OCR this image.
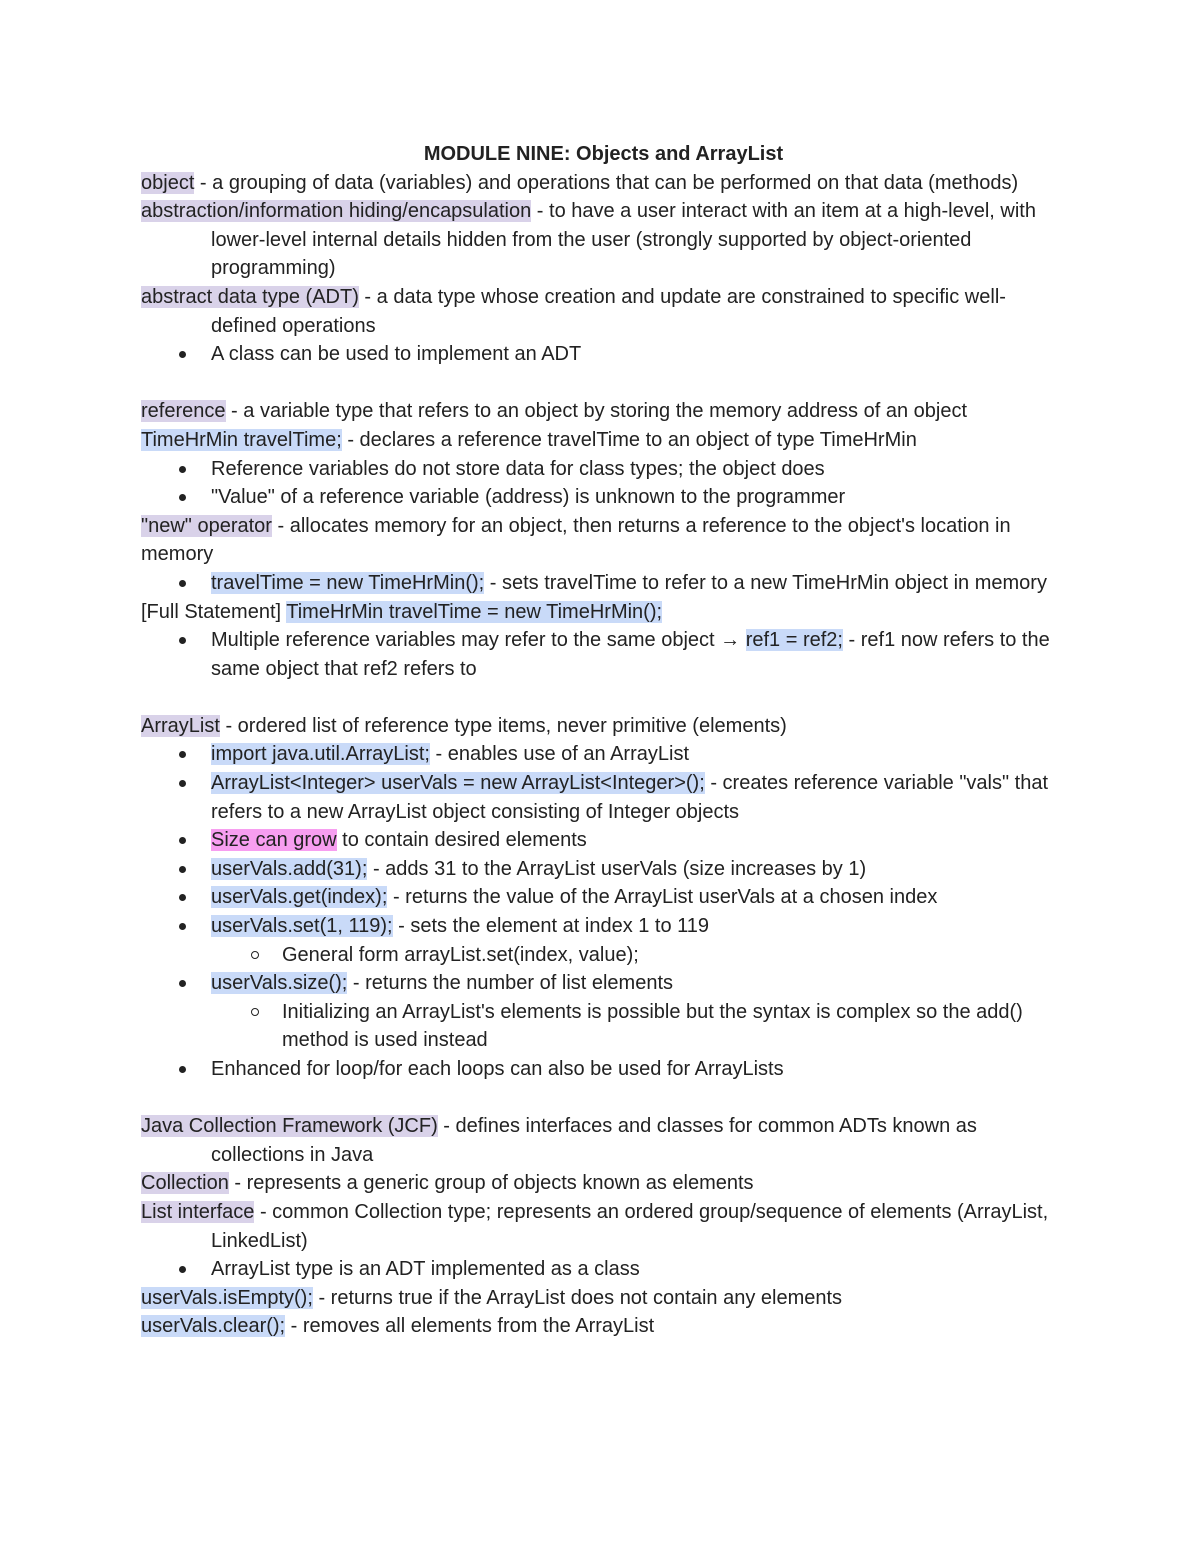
MODULE NINE: Objects and ArrayList

object - a grouping of data (variables) and operations that can be performed on that data (methods)

abstraction/information hiding/encapsulation - to have a user interact with an item at a high-level, with lower-level internal details hidden from the user (strongly supported by object-oriented programming)

abstract data type (ADT) - a data type whose creation and update are constrained to specific well-defined operations

A class can be used to implement an ADT

reference - a variable type that refers to an object by storing the memory address of an object

TimeHrMin travelTime; - declares a reference travelTime to an object of type TimeHrMin

Reference variables do not store data for class types; the object does
"Value" of a reference variable (address) is unknown to the programmer

"new" operator - allocates memory for an object, then returns a reference to the object's location in memory

travelTime = new TimeHrMin(); - sets travelTime to refer to a new TimeHrMin object in memory

[Full Statement] TimeHrMin travelTime = new TimeHrMin();

Multiple reference variables may refer to the same object → ref1 = ref2; - ref1 now refers to the same object that ref2 refers to

ArrayList - ordered list of reference type items, never primitive (elements)

import java.util.ArrayList; - enables use of an ArrayList
ArrayList<Integer> userVals = new ArrayList<Integer>(); - creates reference variable "vals" that refers to a new ArrayList object consisting of Integer objects
Size can grow to contain desired elements
userVals.add(31); - adds 31 to the ArrayList userVals (size increases by 1)
userVals.get(index); - returns the value of the ArrayList userVals at a chosen index
userVals.set(1, 119); - sets the element at index 1 to 119
General form arrayList.set(index, value);
userVals.size(); - returns the number of list elements
Initializing an ArrayList's elements is possible but the syntax is complex so the add() method is used instead
Enhanced for loop/for each loops can also be used for ArrayLists

Java Collection Framework (JCF) - defines interfaces and classes for common ADTs known as collections in Java

Collection - represents a generic group of objects known as elements

List interface - common Collection type; represents an ordered group/sequence of elements (ArrayList, LinkedList)

ArrayList type is an ADT implemented as a class

userVals.isEmpty(); - returns true if the ArrayList does not contain any elements

userVals.clear(); - removes all elements from the ArrayList
